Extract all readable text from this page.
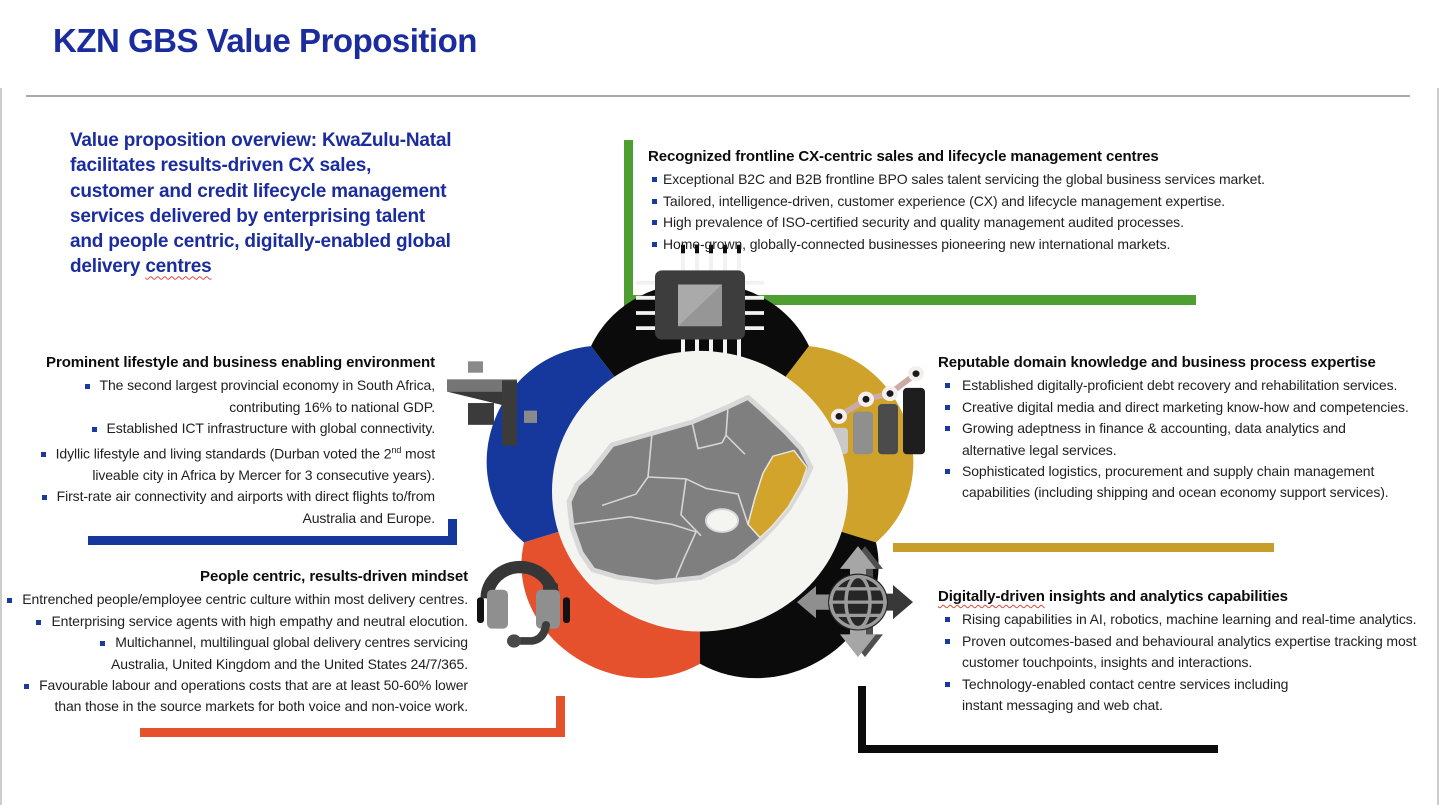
KZN GBS Value Proposition
Value proposition overview: KwaZulu-Natal
facilitates results-driven CX sales,
customer and credit lifecycle management
services delivered by enterprising talent
and people centric, digitally-enabled global
delivery centres
Recognized frontline CX-centric sales and lifecycle management centres
Exceptional B2C and B2B frontline BPO sales talent servicing the global business services market.
Tailored, intelligence-driven, customer experience (CX) and lifecycle management expertise.
High prevalence of ISO-certified security and quality management audited processes.
Home-grown, globally-connected businesses pioneering new international markets.
Prominent lifestyle and business enabling environment
The second largest provincial economy in South Africa,
contributing 16% to national GDP.
Established ICT infrastructure with global connectivity.
Idyllic lifestyle and living standards (Durban voted the 2nd most
liveable city in Africa by Mercer for 3 consecutive years).
First-rate air connectivity and airports with direct flights to/from
Australia and Europe.
Reputable domain knowledge and business process expertise
Established digitally-proficient debt recovery and rehabilitation services.
Creative digital media and direct marketing know-how and competencies.
Growing adeptness in finance & accounting, data analytics and
alternative legal services.
Sophisticated logistics, procurement and supply chain management
capabilities (including shipping and ocean economy support services).
People centric, results-driven mindset
Entrenched people/employee centric culture within most delivery centres.
Enterprising service agents with high empathy and neutral elocution.
Multichannel, multilingual global delivery centres servicing
Australia, United Kingdom and the United States 24/7/365.
Favourable labour and operations costs that are at least 50-60% lower
than those in the source markets for both voice and non-voice work.
Digitally-driven insights and analytics capabilities
Rising capabilities in AI, robotics, machine learning and real-time analytics.
Proven outcomes-based and behavioural analytics expertise tracking most
customer touchpoints, insights and interactions.
Technology-enabled contact centre services including
instant messaging and web chat.
